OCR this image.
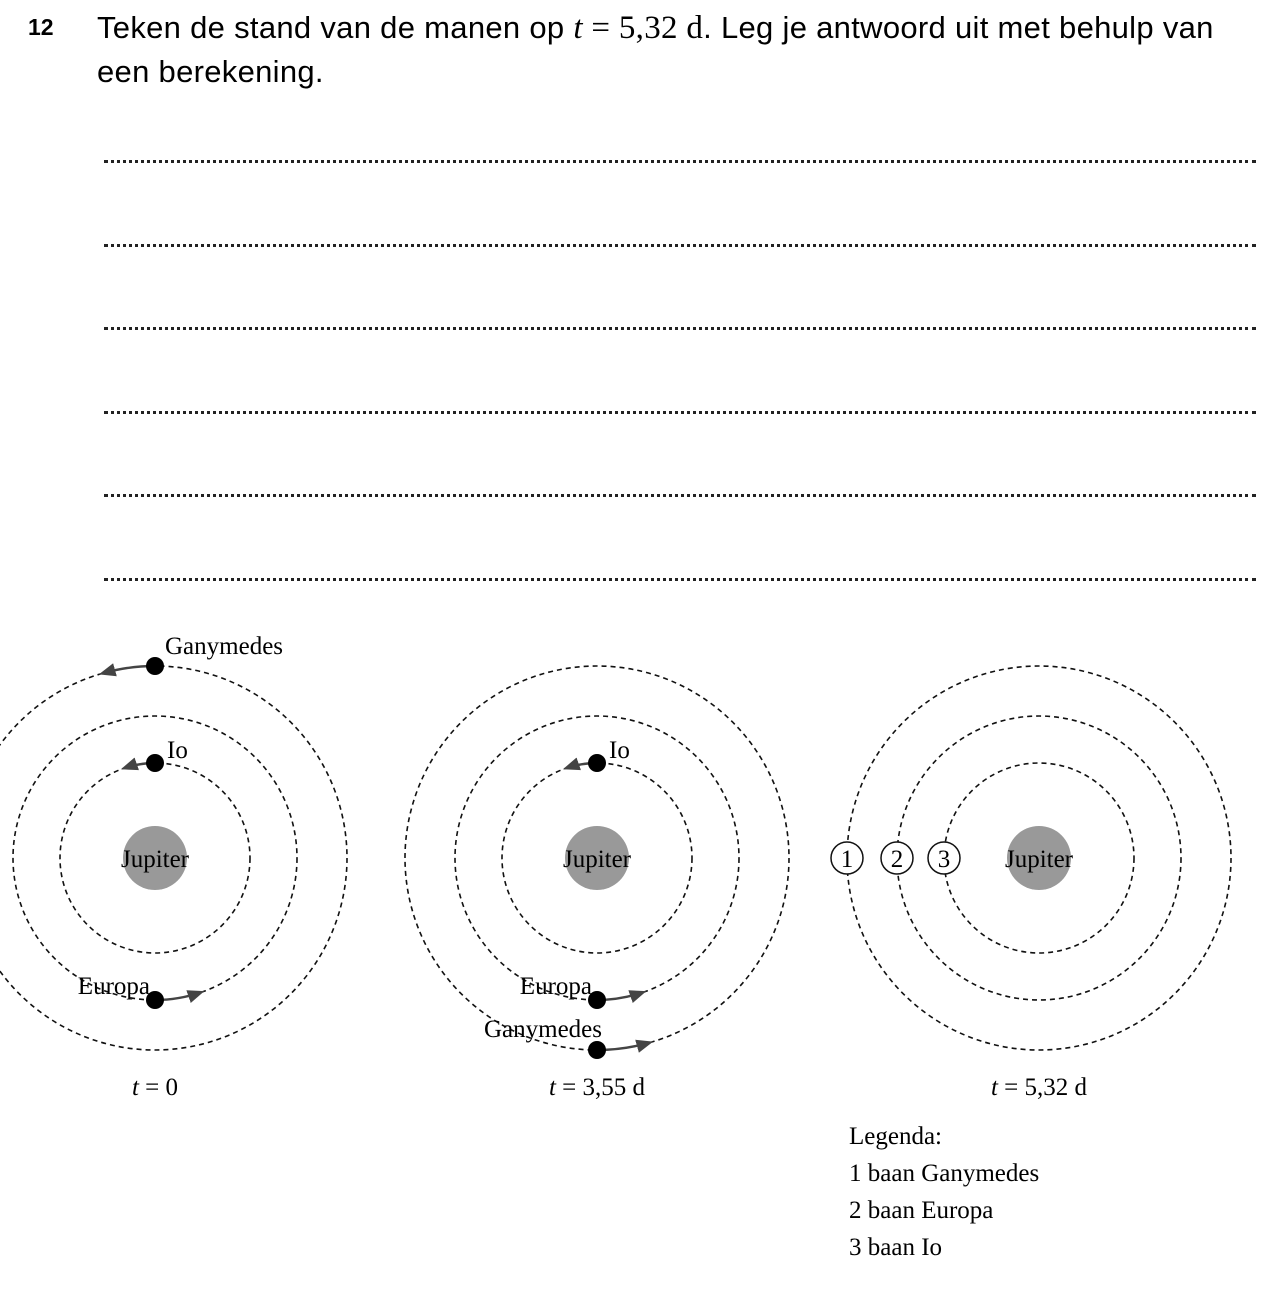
12 Teken de stand van de manen op t = 5,32 d. Leg je antwoord uit met behulp van een berekening.
Jupiter
Ganymedes
Io
Europa
t = 0
Jupiter
Io
Europa
Ganymedes
t = 3,55 d
Jupiter
1 2 3
t = 5,32 d
Legenda:
1 baan Ganymedes
2 baan Europa
3 baan Io
